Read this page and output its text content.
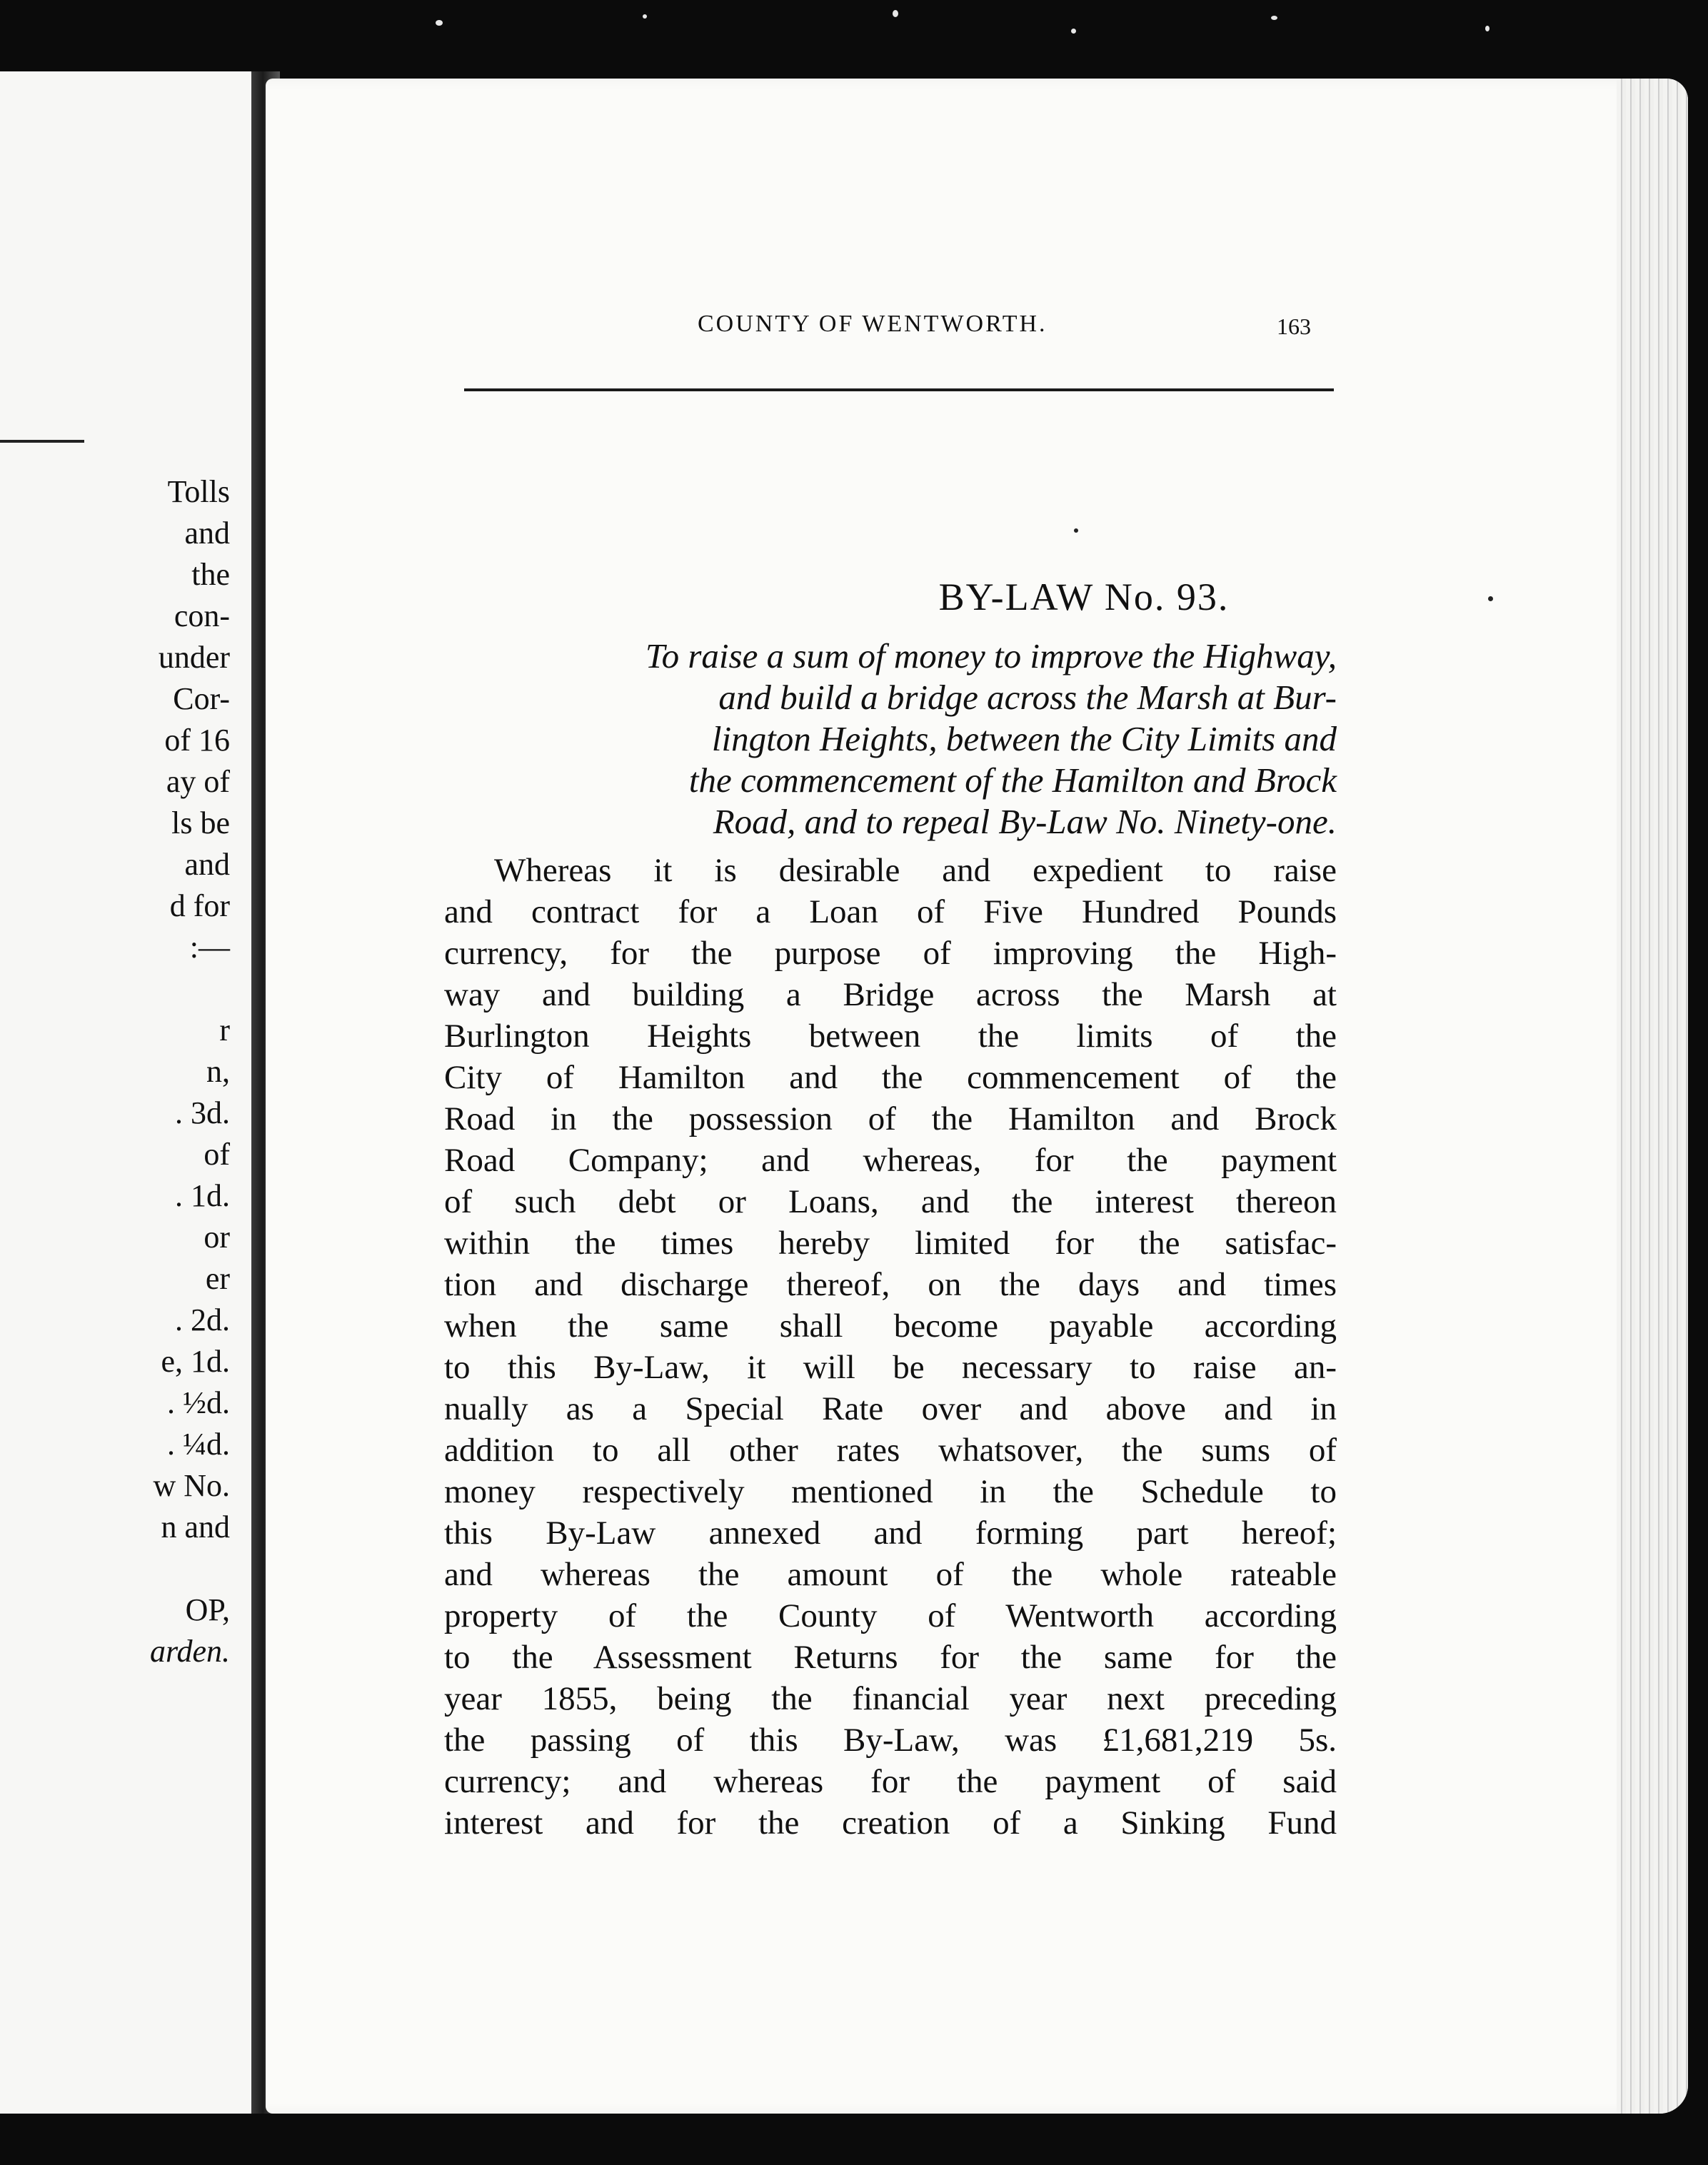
Tolls
and
the
con-
under
Cor-
of 16
ay of
ls be
and
d for
:—
r
n,
. 3d.
of
. 1d.
or
er
. 2d.
e, 1d.
. ½d.
. ¼d.
w No.
n and
OP,
arden.
COUNTY OF WENTWORTH.	163
BY-LAW No. 93.
To raise a sum of money to improve the Highway,
and build a bridge across the Marsh at Bur-
lington Heights, between the City Limits and
the commencement of the Hamilton and Brock
Road, and to repeal By-Law No. Ninety-one.
Whereas it is desirable and expedient to raise
and contract for a Loan of Five Hundred Pounds
currency, for the purpose of improving the High-
way and building a Bridge across the Marsh at
Burlington Heights between the limits of the
City of Hamilton and the commencement of the
Road in the possession of the Hamilton and Brock
Road Company; and whereas, for the payment
of such debt or Loans, and the interest thereon
within the times hereby limited for the satisfac-
tion and discharge thereof, on the days and times
when the same shall become payable according
to this By-Law, it will be necessary to raise an-
nually as a Special Rate over and above and in
addition to all other rates whatsover, the sums of
money respectively mentioned in the Schedule to
this By-Law annexed and forming part hereof;
and whereas the amount of the whole rateable
property of the County of Wentworth according
to the Assessment Returns for the same for the
year 1855, being the financial year next preceding
the passing of this By-Law, was £1,681,219 5s.
currency; and whereas for the payment of said
interest and for the creation of a Sinking Fund
